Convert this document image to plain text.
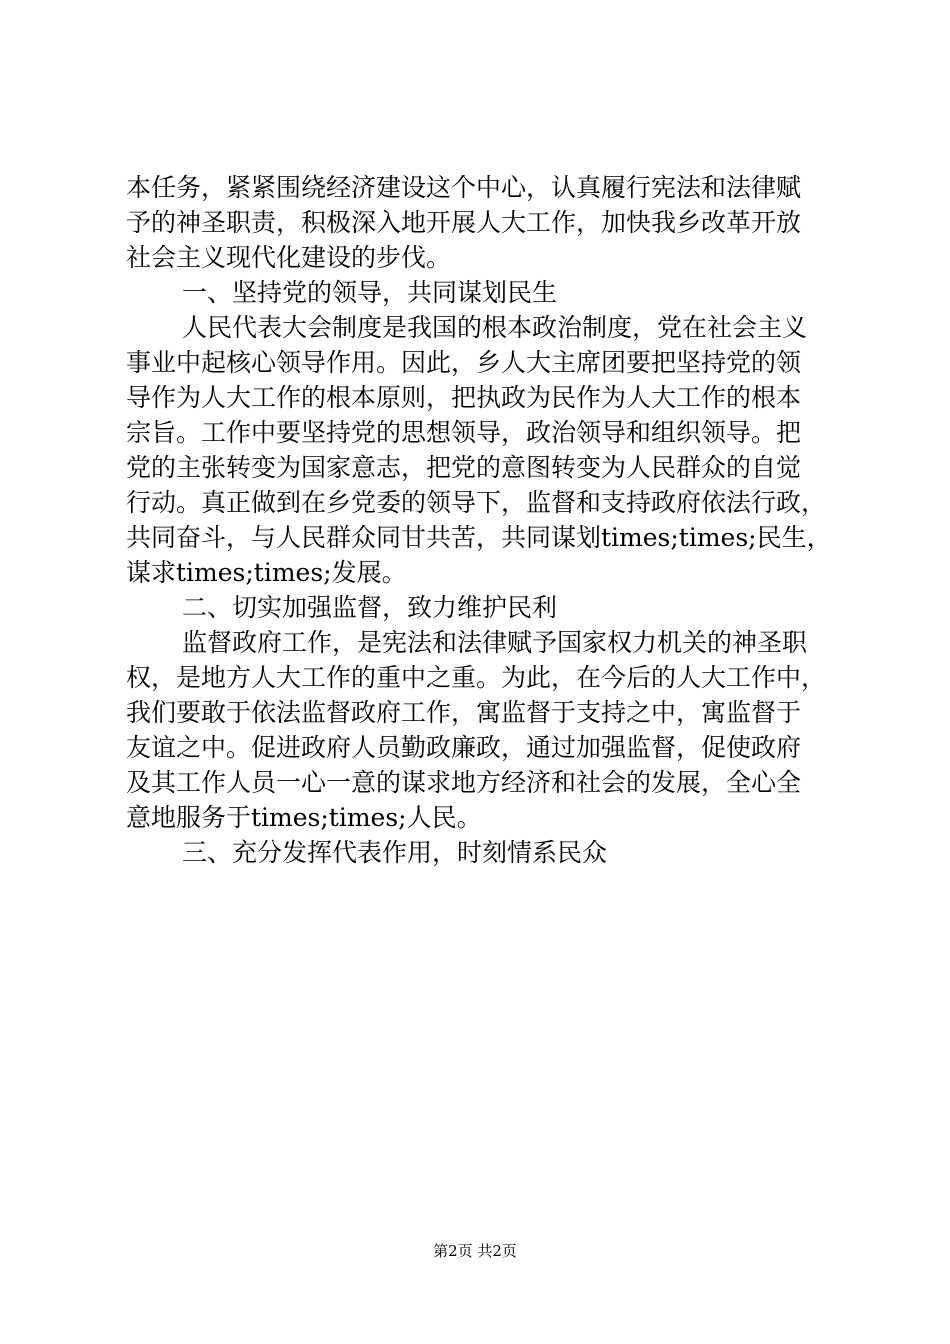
本任务，紧紧围绕经济建设这个中心，认真履行宪法和法律赋
予的神圣职责，积极深入地开展人大工作，加快我乡改革开放
社会主义现代化建设的步伐。
一、坚持党的领导，共同谋划民生
人民代表大会制度是我国的根本政治制度，党在社会主义
事业中起核心领导作用。因此，乡人大主席团要把坚持党的领
导作为人大工作的根本原则，把执政为民作为人大工作的根本
宗旨。工作中要坚持党的思想领导，政治领导和组织领导。把
党的主张转变为国家意志，把党的意图转变为人民群众的自觉
行动。真正做到在乡党委的领导下，监督和支持政府依法行政，
共同奋斗，与人民群众同甘共苦，共同谋划times;times;民生，
谋求times;times;发展。
二、切实加强监督，致力维护民利
监督政府工作，是宪法和法律赋予国家权力机关的神圣职
权，是地方人大工作的重中之重。为此，在今后的人大工作中，
我们要敢于依法监督政府工作，寓监督于支持之中，寓监督于
友谊之中。促进政府人员勤政廉政，通过加强监督，促使政府
及其工作人员一心一意的谋求地方经济和社会的发展，全心全
意地服务于times;times;人民。
三、充分发挥代表作用，时刻情系民众
第2页 共2页
